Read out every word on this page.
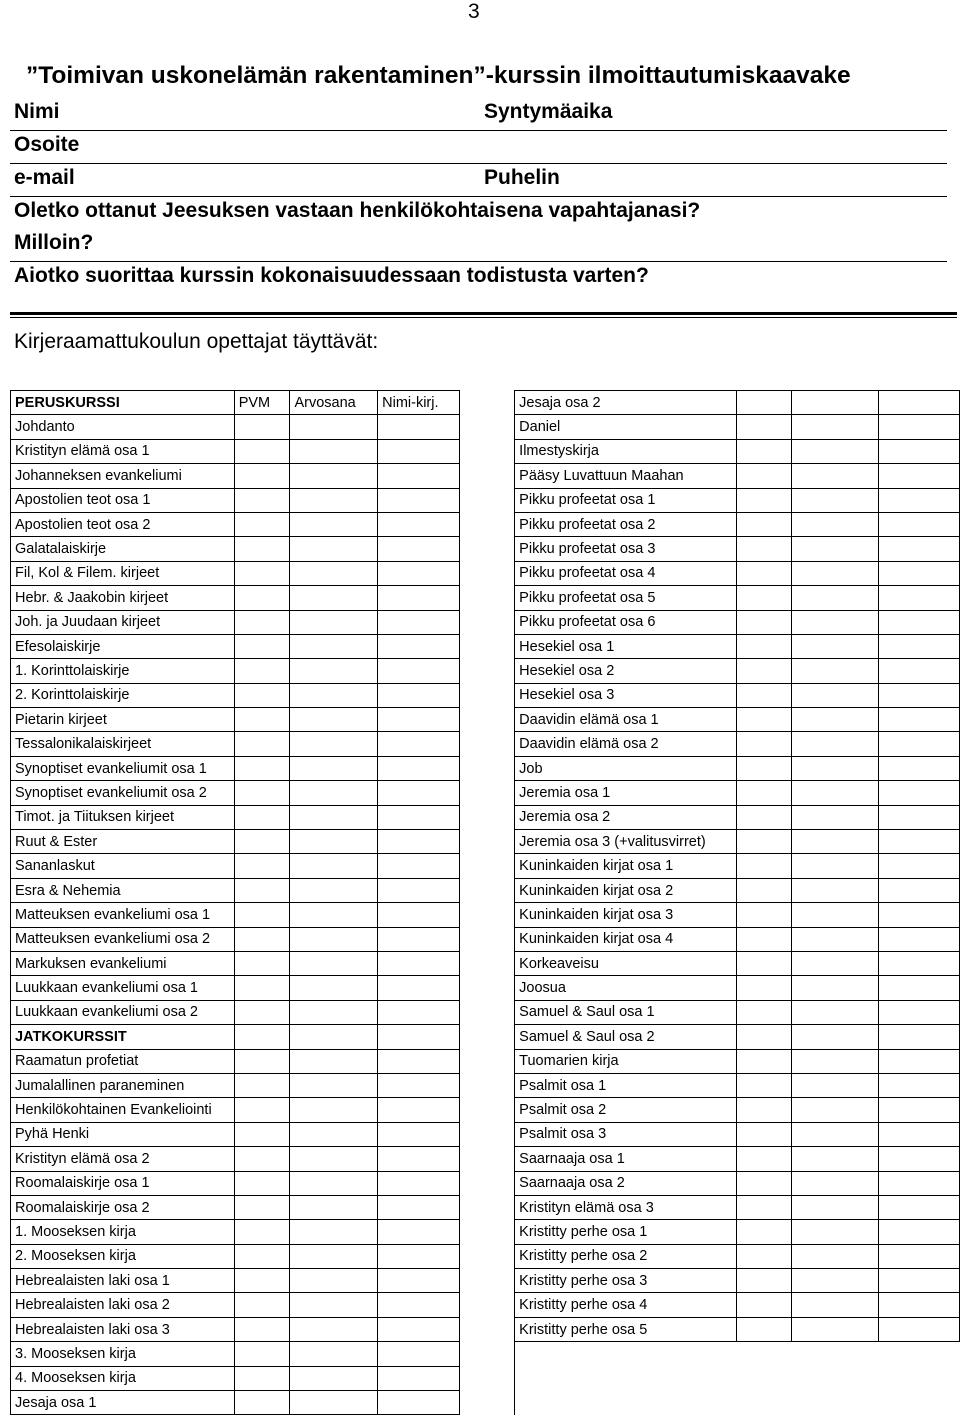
3
”Toimivan uskonelämän rakentaminen”-kurssin ilmoittautumiskaavake
Nimi	Syntymäaika
Osoite
e-mail	Puhelin
Oletko ottanut Jeesuksen vastaan henkilökohtaisena vapahtajanasi?
Milloin?
Aiotko suorittaa kurssin kokonaisuudessaan todistusta varten?
Kirjeraamattukoulun opettajat täyttävät:
PERUSKURSSI	PVM	Arvosana	Nimi-kirj.		Jesaja osa 2			
Johdanto					Daniel			
Kristityn elämä osa 1					Ilmestyskirja			
Johanneksen evankeliumi					Pääsy Luvattuun Maahan			
Apostolien teot osa 1					Pikku profeetat osa 1			
Apostolien teot osa 2					Pikku profeetat osa 2			
Galatalaiskirje					Pikku profeetat osa 3			
Fil, Kol & Filem. kirjeet					Pikku profeetat osa 4			
Hebr. & Jaakobin kirjeet					Pikku profeetat osa 5			
Joh. ja Juudaan kirjeet					Pikku profeetat osa 6			
Efesolaiskirje					Hesekiel osa 1			
1. Korinttolaiskirje					Hesekiel osa 2			
2. Korinttolaiskirje					Hesekiel osa 3			
Pietarin kirjeet					Daavidin elämä osa 1			
Tessalonikalaiskirjeet					Daavidin elämä osa 2			
Synoptiset evankeliumit osa 1					Job			
Synoptiset evankeliumit osa 2					Jeremia osa 1			
Timot. ja Tiituksen kirjeet					Jeremia osa 2			
Ruut & Ester					Jeremia osa 3 (+valitusvirret)			
Sananlaskut					Kuninkaiden kirjat osa 1			
Esra & Nehemia					Kuninkaiden kirjat osa 2			
Matteuksen evankeliumi osa 1					Kuninkaiden kirjat osa 3			
Matteuksen evankeliumi osa 2					Kuninkaiden kirjat osa 4			
Markuksen evankeliumi					Korkeaveisu			
Luukkaan evankeliumi osa 1					Joosua			
Luukkaan evankeliumi osa 2					Samuel & Saul osa 1			
JATKOKURSSIT					Samuel & Saul osa 2			
Raamatun profetiat					Tuomarien kirja			
Jumalallinen paraneminen					Psalmit osa 1			
Henkilökohtainen Evankeliointi					Psalmit osa 2			
Pyhä Henki					Psalmit osa 3			
Kristityn elämä osa 2					Saarnaaja osa 1			
Roomalaiskirje osa 1					Saarnaaja osa 2			
Roomalaiskirje osa 2					Kristityn elämä osa 3			
1. Mooseksen kirja					Kristitty perhe osa 1			
2. Mooseksen kirja					Kristitty perhe osa 2			
Hebrealaisten laki osa 1					Kristitty perhe osa 3			
Hebrealaisten laki osa 2					Kristitty perhe osa 4			
Hebrealaisten laki osa 3					Kristitty perhe osa 5			
3. Mooseksen kirja								
4. Mooseksen kirja								
Jesaja osa 1								
